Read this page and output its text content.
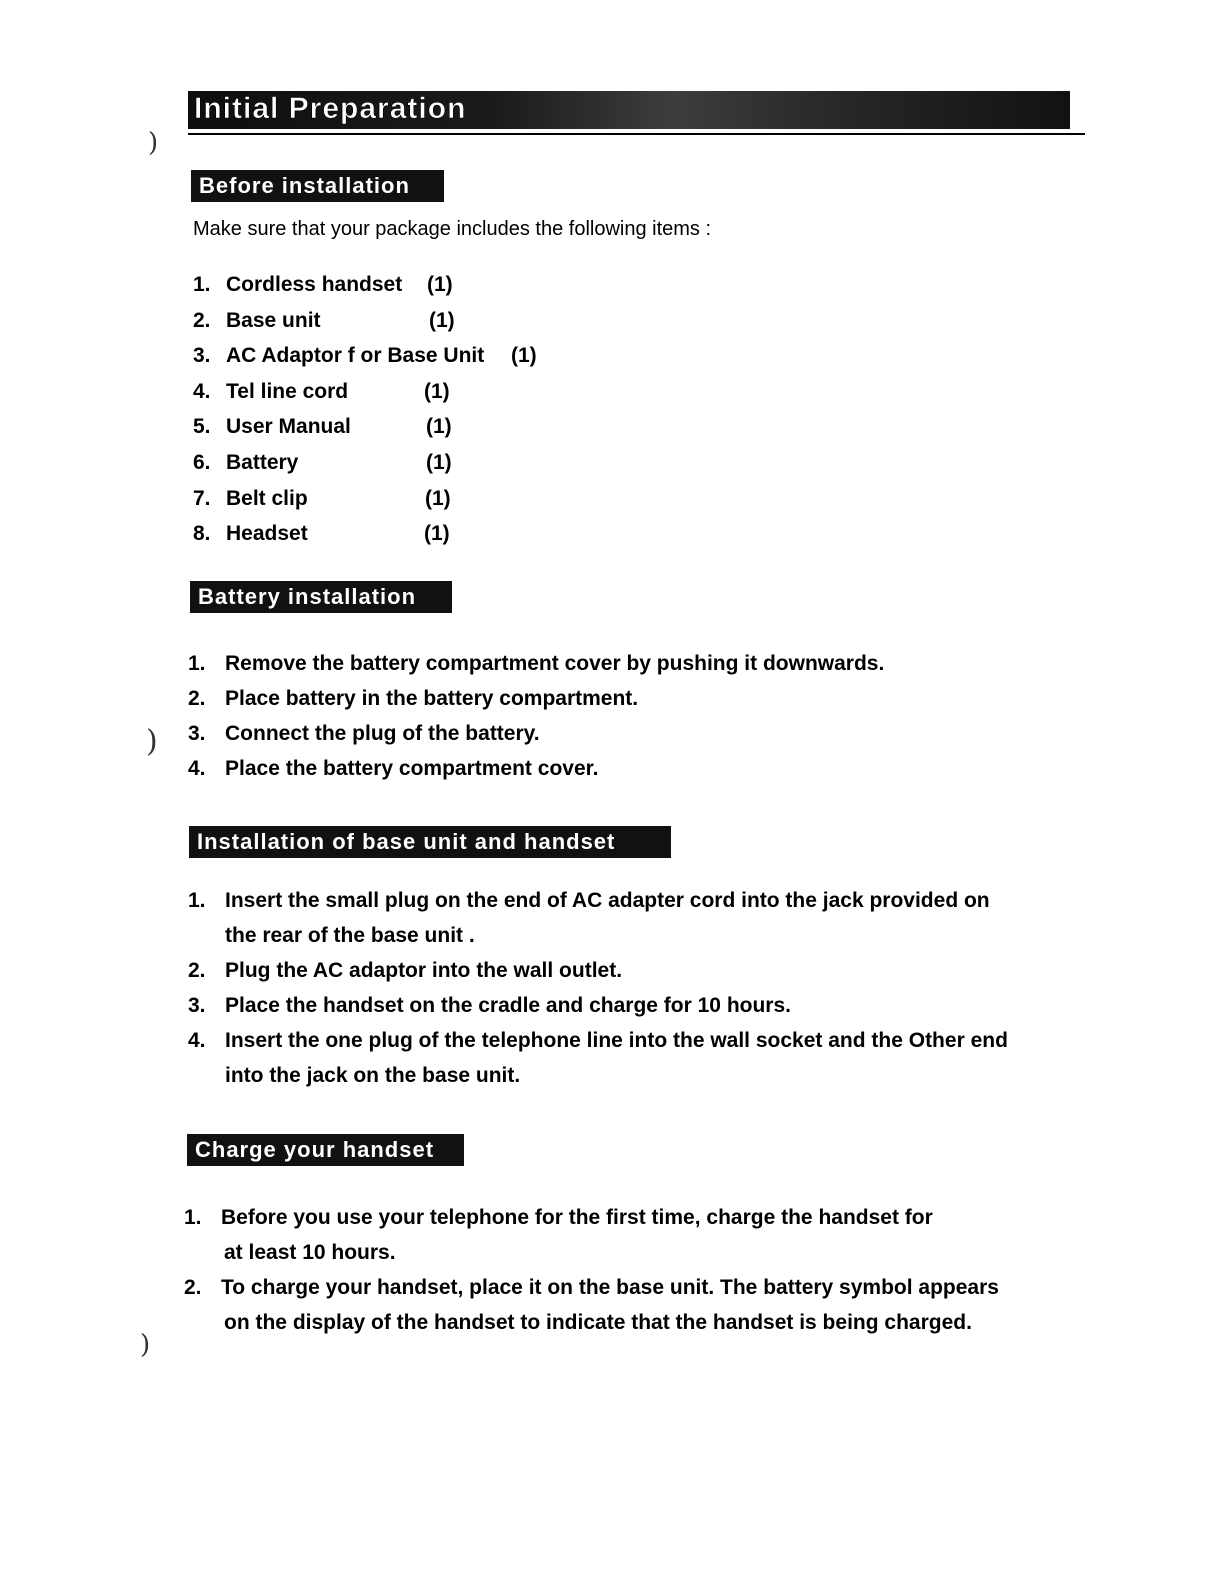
)
)
)
Initial Preparation
Before installation
Make sure that your package includes the following items :
1. Cordless handset (1)
2. Base unit	(1)
3. AC Adaptor f or Base Unit (1)
4. Tel line cord	(1)
5. User Manual	(1)
6. Battery	(1)
7. Belt clip	(1)
8. Headset	(1)
Battery installation
1. Remove the battery compartment cover by pushing it downwards.
2. Place battery in the battery compartment.
3. Connect the plug of the battery.
4. Place the battery compartment cover.
Installation of base unit and handset
1. Insert the small plug on the end of AC adapter cord into the jack provided on
the rear of the base unit .
2. Plug the AC adaptor into the wall outlet.
3. Place the handset on the cradle and charge for 10 hours.
4. Insert the one plug of the telephone line into the wall socket and the Other end
into the jack on the base unit.
Charge your handset
1. Before you use your telephone for the first time, charge the handset for
at least 10 hours.
2. To charge your handset, place it on the base unit. The battery symbol appears
on the display of the handset to indicate that the handset is being charged.
